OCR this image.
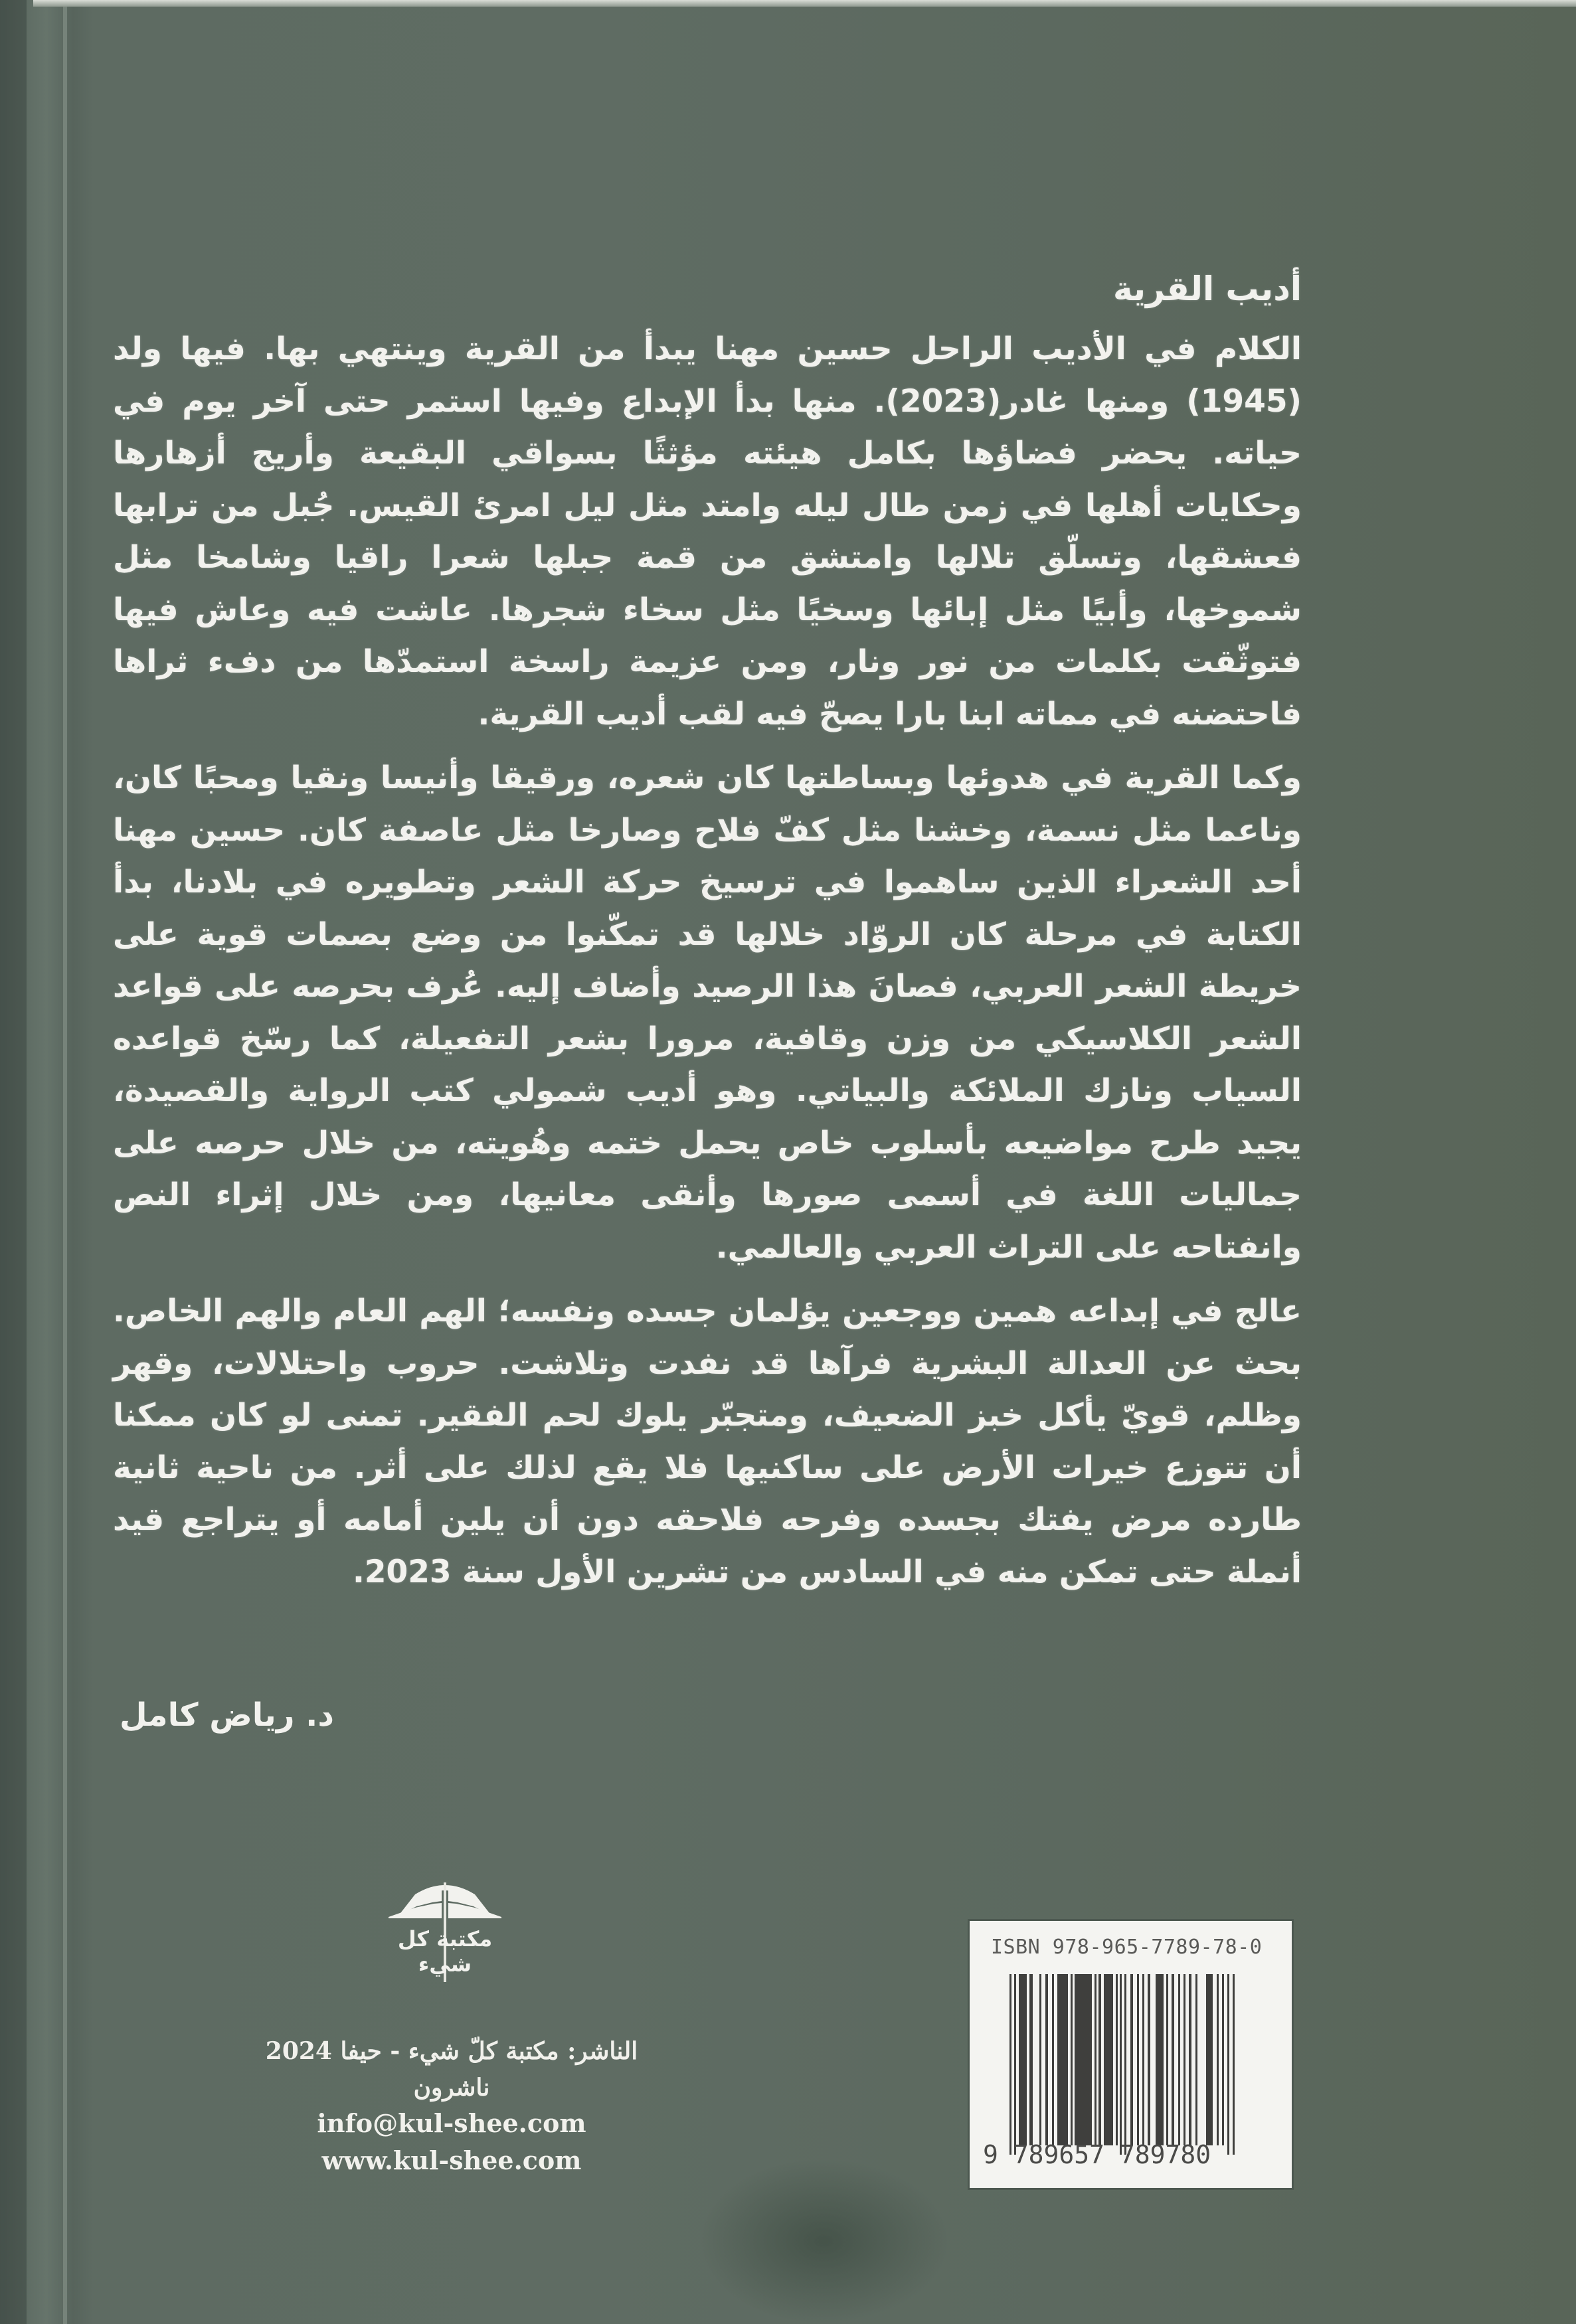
أديب القرية

الكلام في الأديب الراحل حسين مهنا يبدأ من القرية وينتهي بها. فيها ولد (1945) ومنها غادر(2023). منها بدأ الإبداع وفيها استمر حتى آخر يوم في حياته. يحضر فضاؤها بكامل هيئته مؤثثًا بسواقي البقيعة وأريج أزهارها وحكايات أهلها في زمن طال ليله وامتد مثل ليل امرئ القيس. جُبل من ترابها فعشقها، وتسلّق تلالها وامتشق من قمة جبلها شعرا راقيا وشامخا مثل شموخها، وأبيًا مثل إبائها وسخيًا مثل سخاء شجرها. عاشت فيه وعاش فيها فتوثّقت بكلمات من نور ونار، ومن عزيمة راسخة استمدّها من دفء ثراها فاحتضنه في مماته ابنا بارا يصحّ فيه لقب أديب القرية.

وكما القرية في هدوئها وبساطتها كان شعره، ورقيقا وأنيسا ونقيا ومحبًا كان، وناعما مثل نسمة، وخشنا مثل كفّ فلاح وصارخا مثل عاصفة كان. حسين مهنا أحد الشعراء الذين ساهموا في ترسيخ حركة الشعر وتطويره في بلادنا، بدأ الكتابة في مرحلة كان الروّاد خلالها قد تمكّنوا من وضع بصمات قوية على خريطة الشعر العربي، فصانَ هذا الرصيد وأضاف إليه. عُرف بحرصه على قواعد الشعر الكلاسيكي من وزن وقافية، مرورا بشعر التفعيلة، كما رسّخ قواعده السياب ونازك الملائكة والبياتي. وهو أديب شمولي كتب الرواية والقصيدة، يجيد طرح مواضيعه بأسلوب خاص يحمل ختمه وهُويته، من خلال حرصه على جماليات اللغة في أسمى صورها وأنقى معانيها، ومن خلال إثراء النص وانفتاحه على التراث العربي والعالمي.

عالج في إبداعه همين ووجعين يؤلمان جسده ونفسه؛ الهم العام والهم الخاص. بحث عن العدالة البشرية فرآها قد نفدت وتلاشت. حروب واحتلالات، وقهر وظلم، قويّ يأكل خبز الضعيف، ومتجبّر يلوك لحم الفقير. تمنى لو كان ممكنا أن تتوزع خيرات الأرض على ساكنيها فلا يقع لذلك على أثر. من ناحية ثانية طارده مرض يفتك بجسده وفرحه فلاحقه دون أن يلين أمامه أو يتراجع قيد أنملة حتى تمكن منه في السادس من تشرين الأول سنة 2023.

د. رياض كامل
مكتبة كل شيء
الناشر: مكتبة كلّ شيء - حيفا 2024
ناشرون
info@kul-shee.com
www.kul-shee.com
ISBN 978-965-7789-78-0
9 789657 789780
